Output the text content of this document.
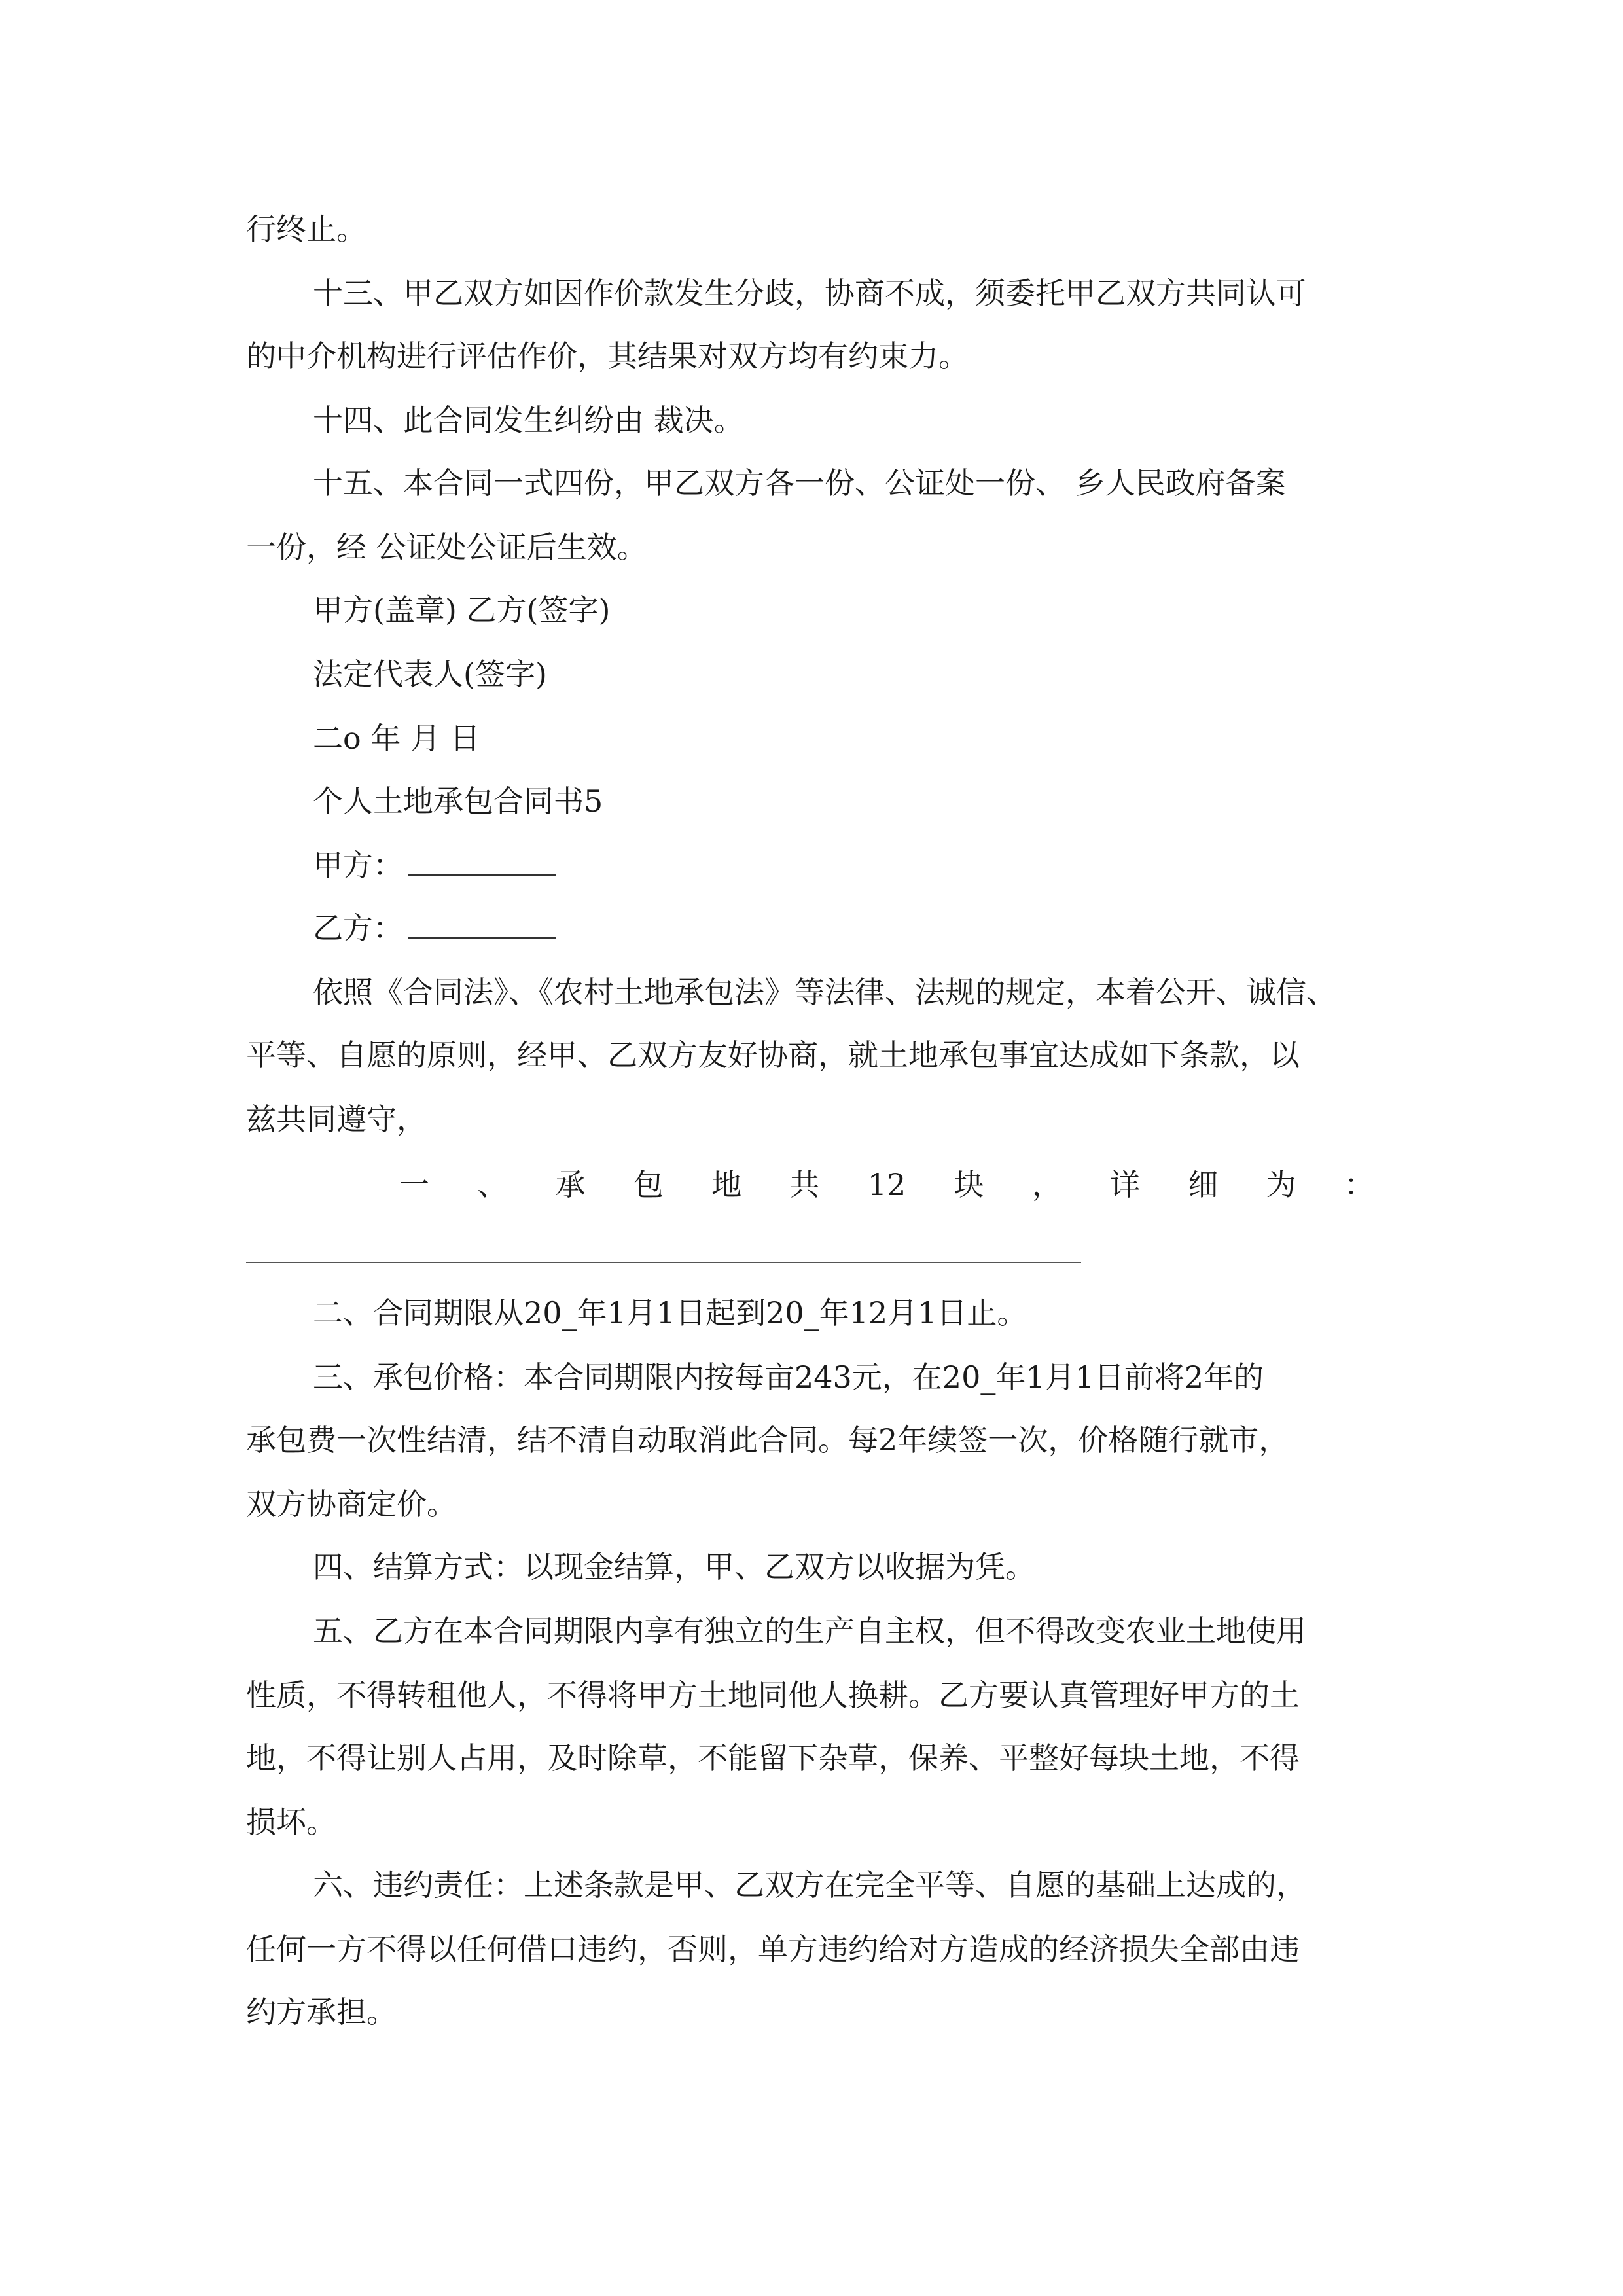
行终止。
十三、甲乙双方如因作价款发生分歧，协商不成，须委托甲乙双方共同认可
的中介机构进行评估作价，其结果对双方均有约束力。
十四、此合同发生纠纷由 裁决。
十五、本合同一式四份，甲乙双方各一份、公证处一份、 乡人民政府备案
一份，经 公证处公证后生效。
甲方(盖章) 乙方(签字)
法定代表人(签字)
二o 年 月 日
个人土地承包合同书5
甲方：
乙方：
依照《合同法》、《农村土地承包法》等法律、法规的规定，本着公开、诚信、
平等、自愿的原则，经甲、乙双方友好协商，就土地承包事宜达成如下条款，以
兹共同遵守，
一 、 承 包 地 共 12 块 ， 详 细 为 ：
二、合同期限从20_年1月1日起到20_年12月1日止。
三、承包价格：本合同期限内按每亩243元，在20_年1月1日前将2年的
承包费一次性结清，结不清自动取消此合同。每2年续签一次，价格随行就市，
双方协商定价。
四、结算方式：以现金结算，甲、乙双方以收据为凭。
五、乙方在本合同期限内享有独立的生产自主权，但不得改变农业土地使用
性质，不得转租他人，不得将甲方土地同他人换耕。乙方要认真管理好甲方的土
地，不得让别人占用，及时除草，不能留下杂草，保养、平整好每块土地，不得
损坏。
六、违约责任：上述条款是甲、乙双方在完全平等、自愿的基础上达成的，
任何一方不得以任何借口违约，否则，单方违约给对方造成的经济损失全部由违
约方承担。
